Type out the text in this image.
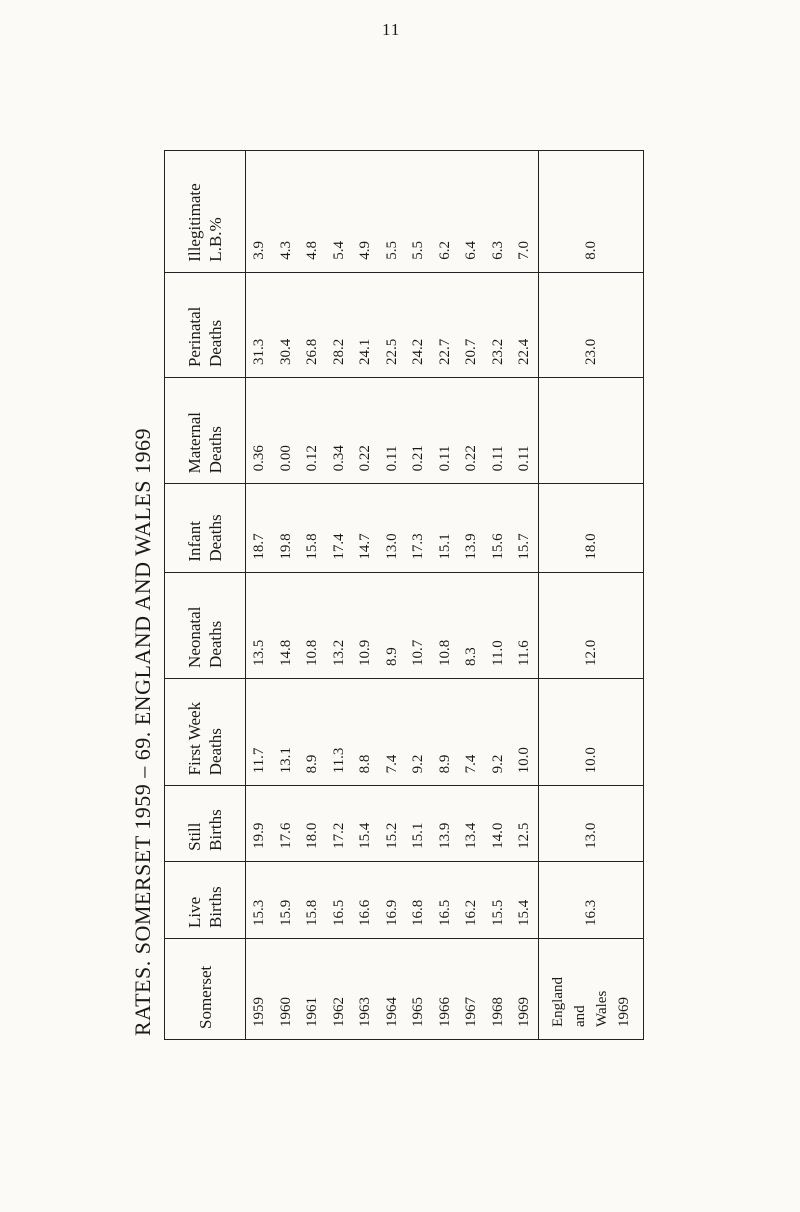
11
RATES. SOMERSET 1959 – 69. ENGLAND AND WALES 1969 Somerset	Live Births	Still Births	First Week Deaths	Neonatal Deaths	Infant Deaths	Maternal Deaths	Perinatal Deaths	Illegitimate L.B.%
1959	15.3	19.9	11.7	13.5	18.7	0.36	31.3	3.9
1960	15.9	17.6	13.1	14.8	19.8	0.00	30.4	4.3
1961	15.8	18.0	8.9	10.8	15.8	0.12	26.8	4.8
1962	16.5	17.2	11.3	13.2	17.4	0.34	28.2	5.4
1963	16.6	15.4	8.8	10.9	14.7	0.22	24.1	4.9
1964	16.9	15.2	7.4	8.9	13.0	0.11	22.5	5.5
1965	16.8	15.1	9.2	10.7	17.3	0.21	24.2	5.5
1966	16.5	13.9	8.9	10.8	15.1	0.11	22.7	6.2
1967	16.2	13.4	7.4	8.3	13.9	0.22	20.7	6.4
1968	15.5	14.0	9.2	11.0	15.6	0.11	23.2	6.3
1969	15.4	12.5	10.0	11.6	15.7	0.11	22.4	7.0

England and Wales 1969	16.3	13.0	10.0	12.0	18.0		23.0	8.0
